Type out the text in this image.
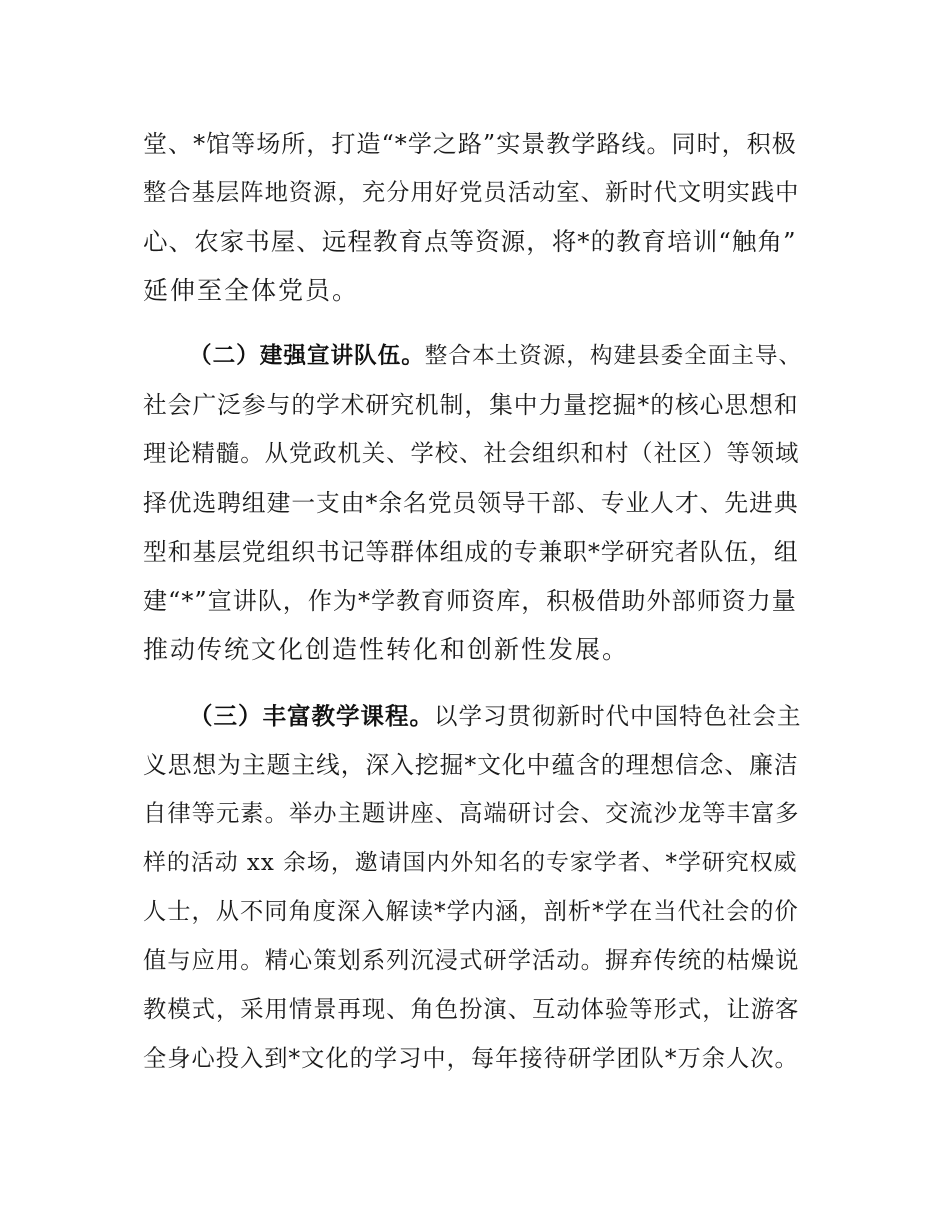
堂、*馆等场所，打造“*学之路”实景教学路线。同时，积极

整合基层阵地资源，充分用好党员活动室、新时代文明实践中

心、农家书屋、远程教育点等资源，将*的教育培训“触角”

延伸至全体党员。

（二）建强宣讲队伍。整合本土资源，构建县委全面主导、

社会广泛参与的学术研究机制，集中力量挖掘*的核心思想和

理论精髓。从党政机关、学校、社会组织和村（社区）等领域

择优选聘组建一支由*余名党员领导干部、专业人才、先进典

型和基层党组织书记等群体组成的专兼职*学研究者队伍，组

建“*”宣讲队，作为*学教育师资库，积极借助外部师资力量

推动传统文化创造性转化和创新性发展。

（三）丰富教学课程。以学习贯彻新时代中国特色社会主

义思想为主题主线，深入挖掘*文化中蕴含的理想信念、廉洁

自律等元素。举办主题讲座、高端研讨会、交流沙龙等丰富多

样的活动 xx 余场，邀请国内外知名的专家学者、*学研究权威

人士，从不同角度深入解读*学内涵，剖析*学在当代社会的价

值与应用。精心策划系列沉浸式研学活动。摒弃传统的枯燥说

教模式，采用情景再现、角色扮演、互动体验等形式，让游客

全身心投入到*文化的学习中，每年接待研学团队*万余人次。
